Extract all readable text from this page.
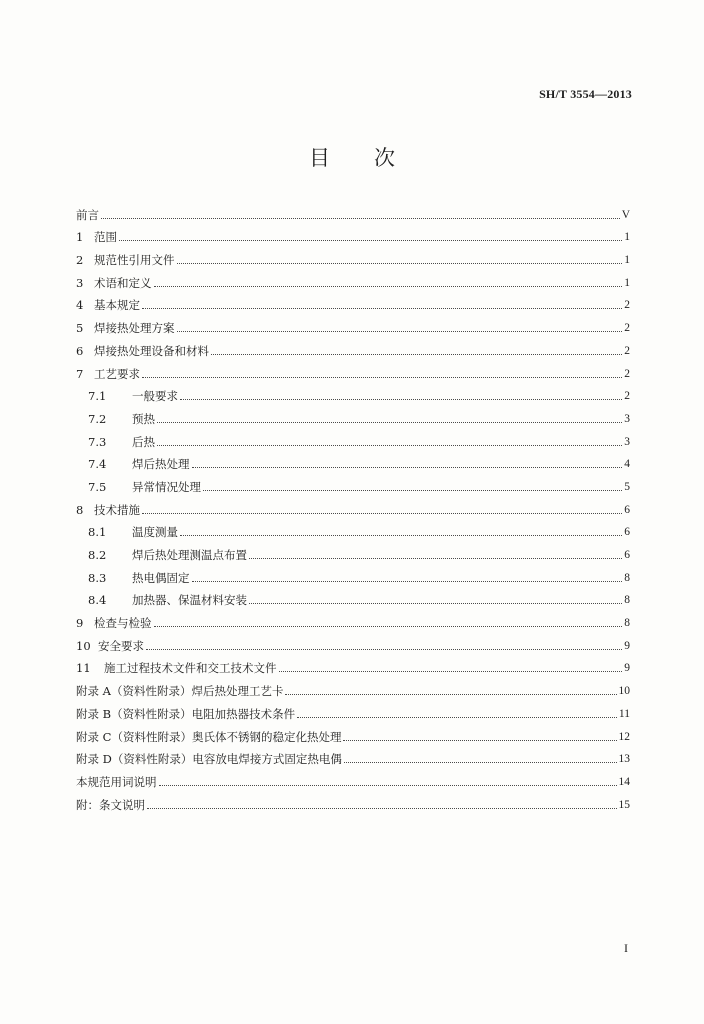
SH/T 3554—2013
目次
前言	V
1 范围	1
2 规范性引用文件	1
3 术语和定义	1
4 基本规定	2
5 焊接热处理方案	2
6 焊接热处理设备和材料	2
7 工艺要求	2
7.1	一般要求	2
7.2	预热	3
7.3	后热	3
7.4	焊后热处理	4
7.5	异常情况处理	5
8 技术措施	6
8.1	温度测量	6
8.2	焊后热处理测温点布置	6
8.3	热电偶固定	8
8.4	加热器、保温材料安装	8
9 检查与检验	8
10 安全要求	9
11	施工过程技术文件和交工技术文件	9
附录 A（资料性附录）焊后热处理工艺卡	10
附录 B（资料性附录）电阻加热器技术条件	11
附录 C（资料性附录）奥氏体不锈钢的稳定化热处理	12
附录 D（资料性附录）电容放电焊接方式固定热电偶	13
本规范用词说明	14
附：条文说明	15
I
